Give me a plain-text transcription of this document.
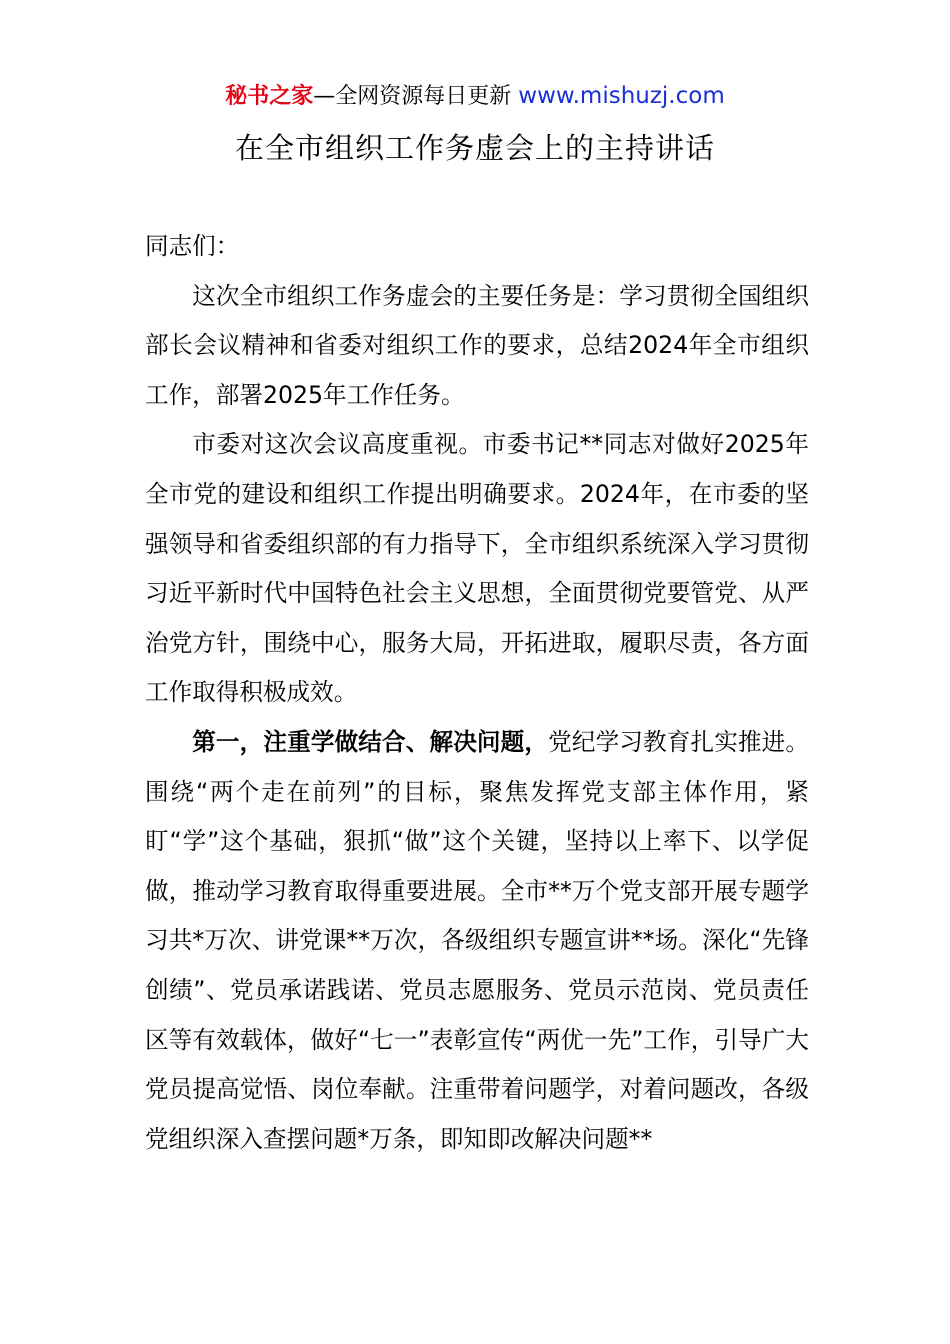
秘书之家—全网资源每日更新 www.mishuzj.com
在全市组织工作务虚会上的主持讲话

同志们：

这次全市组织工作务虚会的主要任务是：学习贯彻全国组织部长会议精神和省委对组织工作的要求，总结2024年全市组织工作，部署2025年工作任务。

市委对这次会议高度重视。市委书记**同志对做好2025年全市党的建设和组织工作提出明确要求。2024年，在市委的坚强领导和省委组织部的有力指导下，全市组织系统深入学习贯彻习近平新时代中国特色社会主义思想，全面贯彻党要管党、从严治党方针，围绕中心，服务大局，开拓进取，履职尽责，各方面工作取得积极成效。

第一，注重学做结合、解决问题，党纪学习教育扎实推进。围绕“两个走在前列”的目标，聚焦发挥党支部主体作用，紧盯“学”这个基础，狠抓“做”这个关键，坚持以上率下、以学促做，推动学习教育取得重要进展。全市**万个党支部开展专题学习共*万次、讲党课**万次，各级组织专题宣讲**场。深化“先锋创绩”、党员承诺践诺、党员志愿服务、党员示范岗、党员责任区等有效载体，做好“七一”表彰宣传“两优一先”工作，引导广大党员提高觉悟、岗位奉献。注重带着问题学，对着问题改，各级党组织深入查摆问题*万条，即知即改解决问题**
